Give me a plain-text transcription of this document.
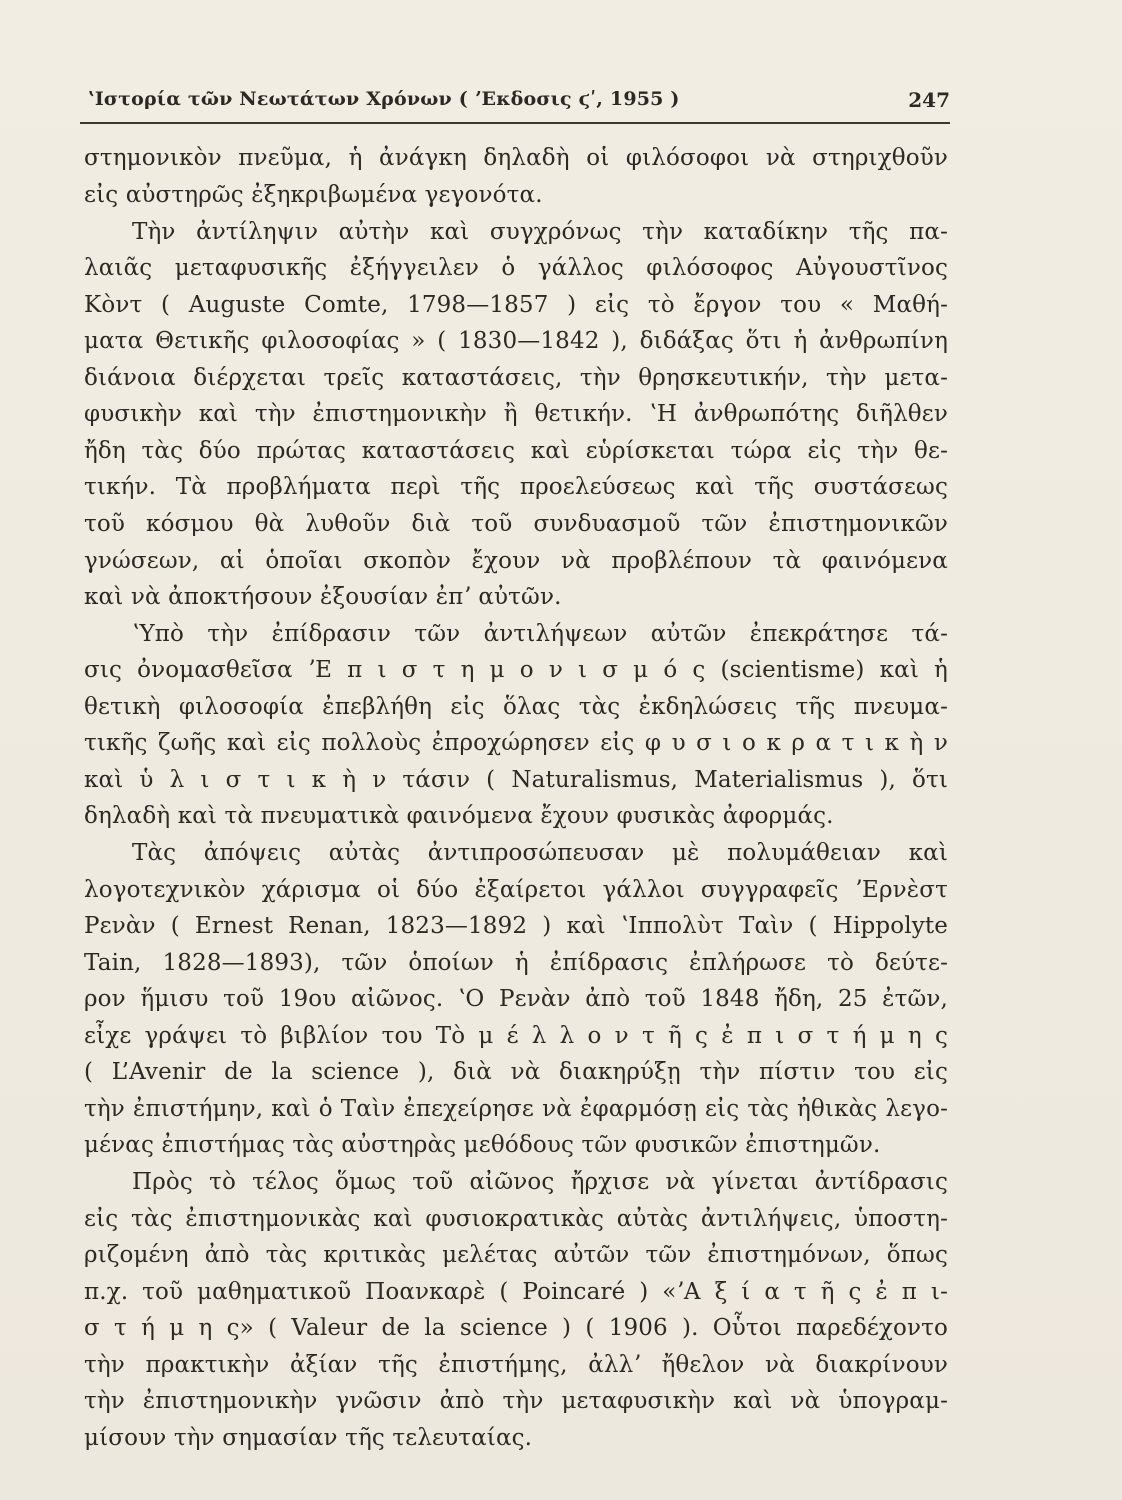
ʽΙστορία τῶν Νεωτάτων Χρόνων ( ʼΕκδοσις ϛʹ, 1955 )	247
στημονικὸν πνεῦμα, ἡ ἀνάγκη δηλαδὴ οἱ φιλόσοφοι νὰ στηριχθοῦν
εἰς αὐστηρῶς ἐξηκριβωμένα γεγονότα.
Τὴν ἀντίληψιν αὐτὴν καὶ συγχρόνως τὴν καταδίκην τῆς πα-
λαιᾶς μεταφυσικῆς ἐξήγγειλεν ὁ γάλλος φιλόσοφος Αὐγουστῖνος
Κὸντ ( Auguste Comte, 1798—1857 ) εἰς τὸ ἔργον του « Μαθή-
ματα Θετικῆς φιλοσοφίας » ( 1830—1842 ), διδάξας ὅτι ἡ ἀνθρωπίνη
διάνοια διέρχεται τρεῖς καταστάσεις, τὴν θρησκευτικήν, τὴν μετα-
φυσικὴν καὶ τὴν ἐπιστημονικὴν ἢ θετικήν. ʽΗ ἀνθρωπότης διῆλθεν
ἤδη τὰς δύο πρώτας καταστάσεις καὶ εὑρίσκεται τώρα εἰς τὴν θε-
τικήν. Τὰ προβλήματα περὶ τῆς προελεύσεως καὶ τῆς συστάσεως
τοῦ κόσμου θὰ λυθοῦν διὰ τοῦ συνδυασμοῦ τῶν ἐπιστημονικῶν
γνώσεων, αἱ ὁποῖαι σκοπὸν ἔχουν νὰ προβλέπουν τὰ φαινόμενα
καὶ νὰ ἀποκτήσουν ἐξουσίαν ἐπʼ αὐτῶν.
ʽΥπὸ τὴν ἐπίδρασιν τῶν ἀντιλήψεων αὐτῶν ἐπεκράτησε τά-
σις ὀνομασθεῖσα ʼΕ π ι σ τ η μ ο ν ι σ μ ό ς (scientisme) καὶ ἡ
θετικὴ φιλοσοφία ἐπεβλήθη εἰς ὅλας τὰς ἐκδηλώσεις τῆς πνευμα-
τικῆς ζωῆς καὶ εἰς πολλοὺς ἐπροχώρησεν εἰς φ υ σ ι ο κ ρ α τ ι κ ὴ ν
καὶ ὑ λ ι σ τ ι κ ὴ ν τάσιν ( Naturalismus, Materialismus ), ὅτι
δηλαδὴ καὶ τὰ πνευματικὰ φαινόμενα ἔχουν φυσικὰς ἀφορμάς.
Τὰς ἀπόψεις αὐτὰς ἀντιπροσώπευσαν μὲ πολυμάθειαν καὶ
λογοτεχνικὸν χάρισμα οἱ δύο ἐξαίρετοι γάλλοι συγγραφεῖς ʼΕρνὲστ
Ρενὰν ( Ernest Renan, 1823—1892 ) καὶ ʽΙππολὺτ Ταὶν ( Hippolyte
Tain, 1828—1893), τῶν ὁποίων ἡ ἐπίδρασις ἐπλήρωσε τὸ δεύτε-
ρον ἥμισυ τοῦ 19ου αἰῶνος. ʽΟ Ρενὰν ἀπὸ τοῦ 1848 ἤδη, 25 ἐτῶν,
εἶχε γράψει τὸ βιβλίον του Τὸ μ έ λ λ ο ν τ ῆ ς ἐ π ι σ τ ή μ η ς
( L’Avenir de la science ), διὰ νὰ διακηρύξῃ τὴν πίστιν του εἰς
τὴν ἐπιστήμην, καὶ ὁ Ταὶν ἐπεχείρησε νὰ ἐφαρμόσῃ εἰς τὰς ἠθικὰς λεγο-
μένας ἐπιστήμας τὰς αὐστηρὰς μεθόδους τῶν φυσικῶν ἐπιστημῶν.
Πρὸς τὸ τέλος ὅμως τοῦ αἰῶνος ἤρχισε νὰ γίνεται ἀντίδρασις
εἰς τὰς ἐπιστημονικὰς καὶ φυσιοκρατικὰς αὐτὰς ἀντιλήψεις, ὑποστη-
ριζομένη ἀπὸ τὰς κριτικὰς μελέτας αὐτῶν τῶν ἐπιστημόνων, ὅπως
π.χ. τοῦ μαθηματικοῦ Ποανκαρὲ ( Poincaré ) «ʼΑ ξ ί α τ ῆ ς ἐ π ι-
σ τ ή μ η ς» ( Valeur de la science ) ( 1906 ). Οὗτοι παρεδέχοντο
τὴν πρακτικὴν ἀξίαν τῆς ἐπιστήμης, ἀλλʼ ἤθελον νὰ διακρίνουν
τὴν ἐπιστημονικὴν γνῶσιν ἀπὸ τὴν μεταφυσικὴν καὶ νὰ ὑπογραμ-
μίσουν τὴν σημασίαν τῆς τελευταίας.
